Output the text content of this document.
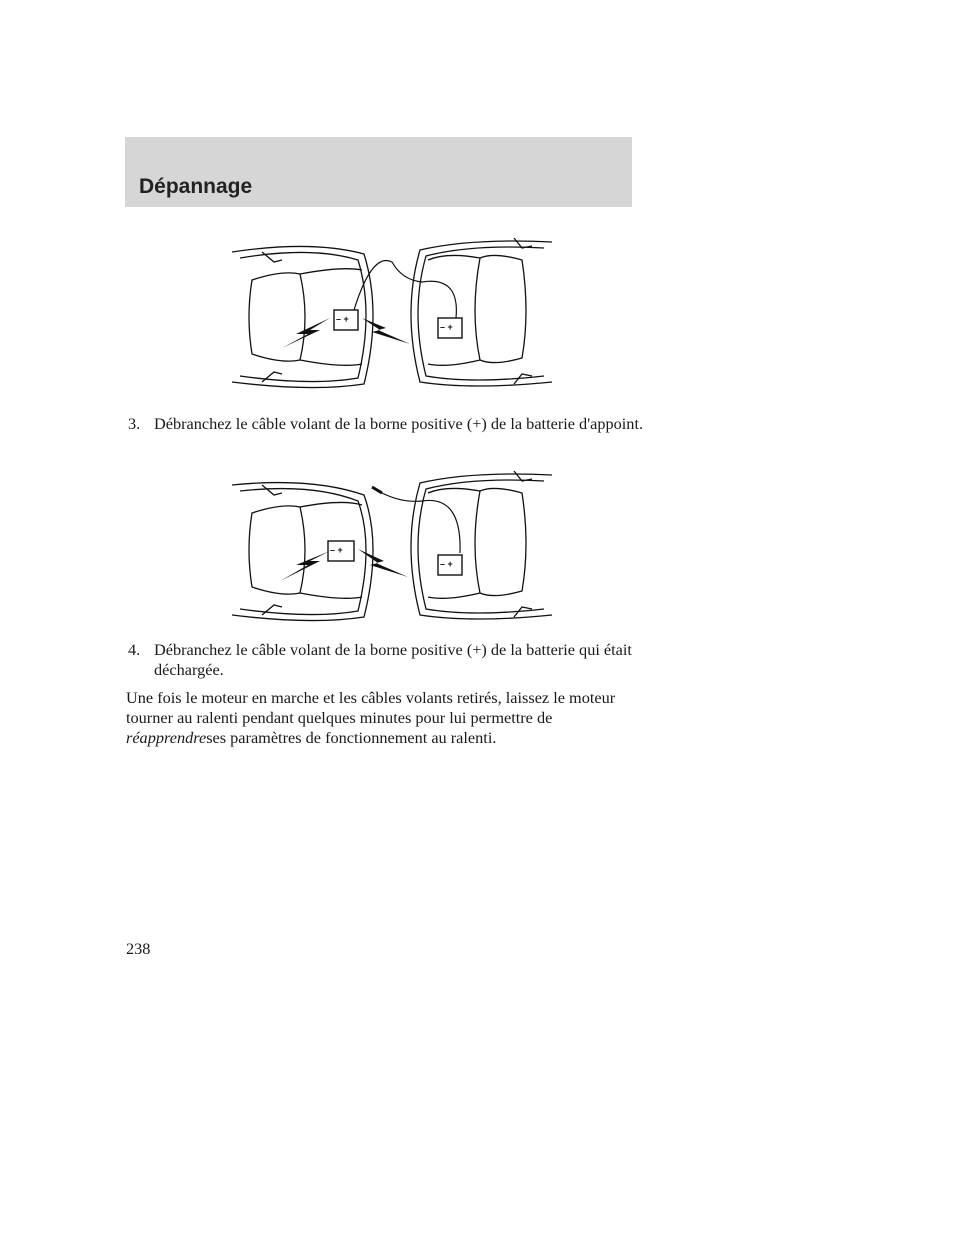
Dépannage
– +
– +

3. Débranchez le câble volant de la borne positive (+) de la batterie d'appoint.

– +
– +

4. Débranchez le câble volant de la borne positive (+) de la batterie qui était déchargée.

Une fois le moteur en marche et les câbles volants retirés, laissez le moteur tourner au ralenti pendant quelques minutes pour lui permettre de réapprendreses paramètres de fonctionnement au ralenti.

238
